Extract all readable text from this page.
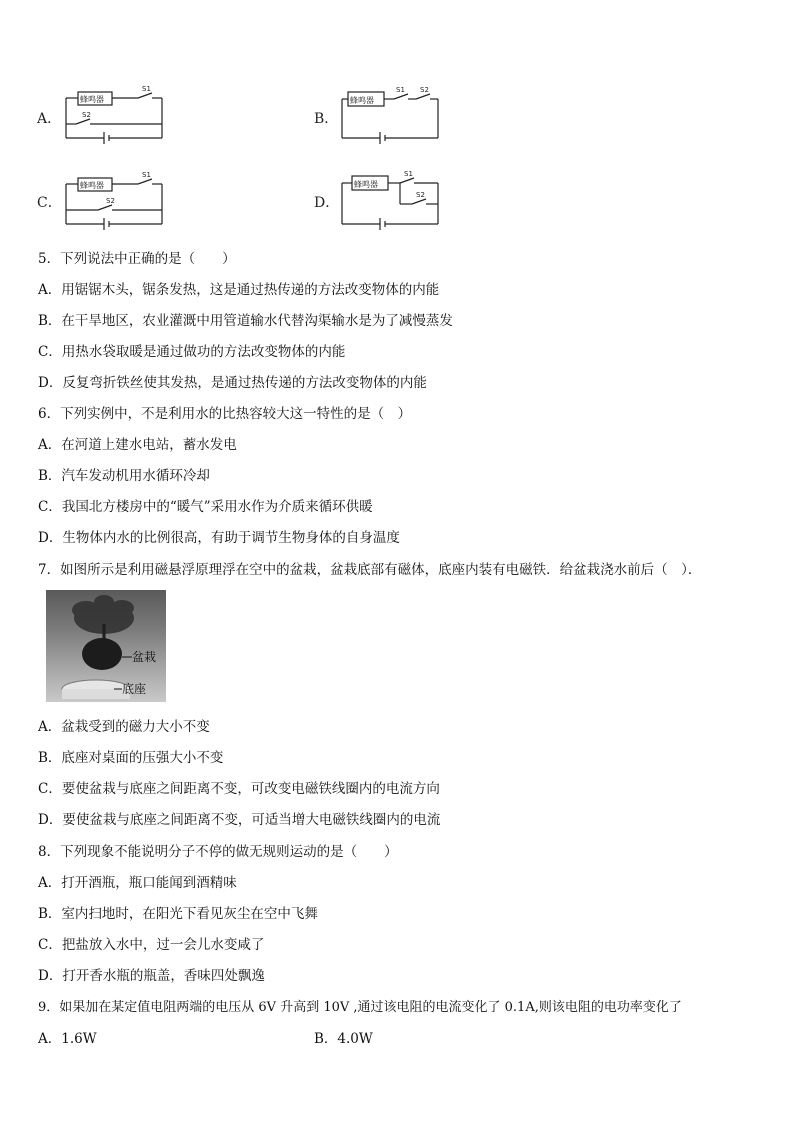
A．
蜂鸣器
S1
S2	B．
蜂鸣器
S1 S2
C．
蜂鸣器
S1
S2	D．
蜂鸣器
S1
S2
5．下列说法中正确的是（　　）
A．用锯锯木头，锯条发热，这是通过热传递的方法改变物体的内能
B．在干旱地区，农业灌溉中用管道输水代替沟渠输水是为了减慢蒸发
C．用热水袋取暖是通过做功的方法改变物体的内能
D．反复弯折铁丝使其发热，是通过热传递的方法改变物体的内能
6．下列实例中，不是利用水的比热容较大这一特性的是（　）
A．在河道上建水电站，蓄水发电
B．汽车发动机用水循环冷却
C．我国北方楼房中的“暖气”采用水作为介质来循环供暖
D．生物体内水的比例很高，有助于调节生物身体的自身温度
7．如图所示是利用磁悬浮原理浮在空中的盆栽，盆栽底部有磁体，底座内装有电磁铁．给盆栽浇水前后（　）．
盆栽
底座
A．盆栽受到的磁力大小不变
B．底座对桌面的压强大小不变
C．要使盆栽与底座之间距离不变，可改变电磁铁线圈内的电流方向
D．要使盆栽与底座之间距离不变，可适当增大电磁铁线圈内的电流
8．下列现象不能说明分子不停的做无规则运动的是（　　）
A．打开酒瓶，瓶口能闻到酒精味
B．室内扫地时，在阳光下看见灰尘在空中飞舞
C．把盐放入水中，过一会儿水变咸了
D．打开香水瓶的瓶盖，香味四处飘逸
9．如果加在某定值电阻两端的电压从 6V 升高到 10V ,通过该电阻的电流变化了 0.1A,则该电阻的电功率变化了
A．1.6W	B．4.0W
